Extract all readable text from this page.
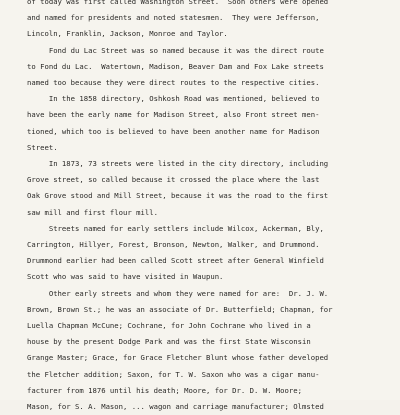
of today was first called Washington Street.  Soon others were opened

and named for presidents and noted statesmen.  They were Jefferson,

Lincoln, Franklin, Jackson, Monroe and Taylor.

Fond du Lac Street was so named because it was the direct route

to Fond du Lac.  Watertown, Madison, Beaver Dam and Fox Lake streets

named too because they were direct routes to the respective cities.

In the 1858 directory, Oshkosh Road was mentioned, believed to

have been the early name for Madison Street, also Front street men-

tioned, which too is believed to have been another name for Madison

Street.

In 1873, 73 streets were listed in the city directory, including

Grove street, so called because it crossed the place where the last

Oak Grove stood and Mill Street, because it was the road to the first

saw mill and first flour mill.

Streets named for early settlers include Wilcox, Ackerman, Bly,

Carrington, Hillyer, Forest, Bronson, Newton, Walker, and Drummond.

Drummond earlier had been called Scott street after General Winfield

Scott who was said to have visited in Waupun.

Other early streets and whom they were named for are:  Dr. J. W.

Brown, Brown St.; he was an associate of Dr. Butterfield; Chapman, for

Luella Chapman McCune; Cochrane, for John Cochrane who lived in a

house by the present Dodge Park and was the first State Wisconsin

Grange Master; Grace, for Grace Fletcher Blunt whose father developed

the Fletcher addition; Saxon, for T. W. Saxon who was a cigar manu-

facturer from 1876 until his death; Moore, for Dr. D. W. Moore;

Mason, for S. A. Mason, ... wagon and carriage manufacturer; Olmsted
